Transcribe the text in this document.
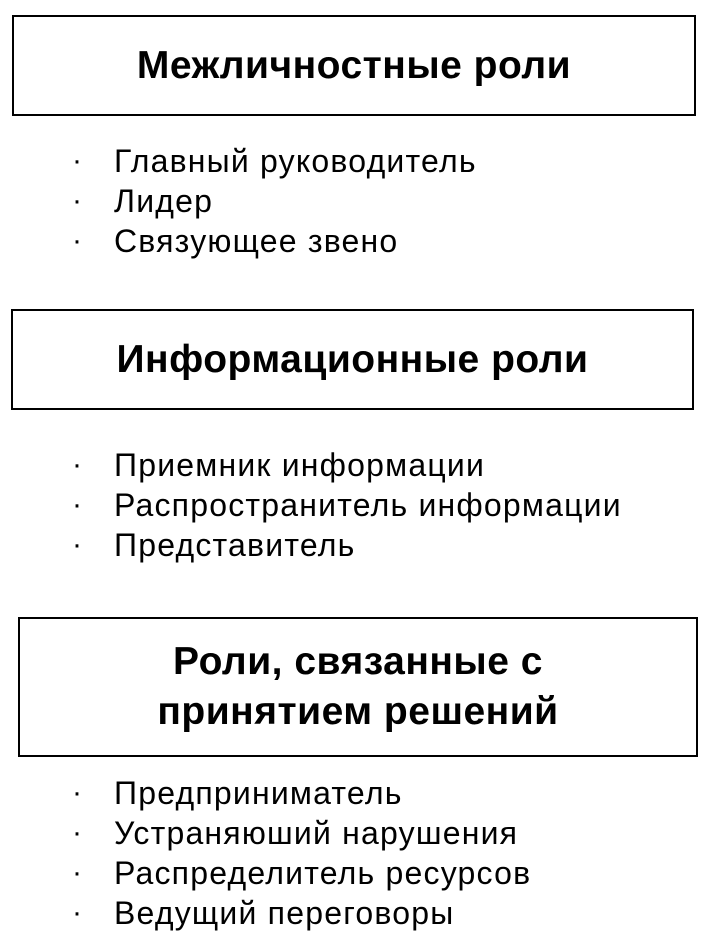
Межличностные роли
· Главный руководитель
· Лидер
· Связующее звено
Информационные роли
· Приемник информации
· Распространитель информации
· Представитель
Роли, связанные с
принятием решений
· Предприниматель
· Устраняюший нарушения
· Распределитель ресурсов
· Ведущий переговоры
